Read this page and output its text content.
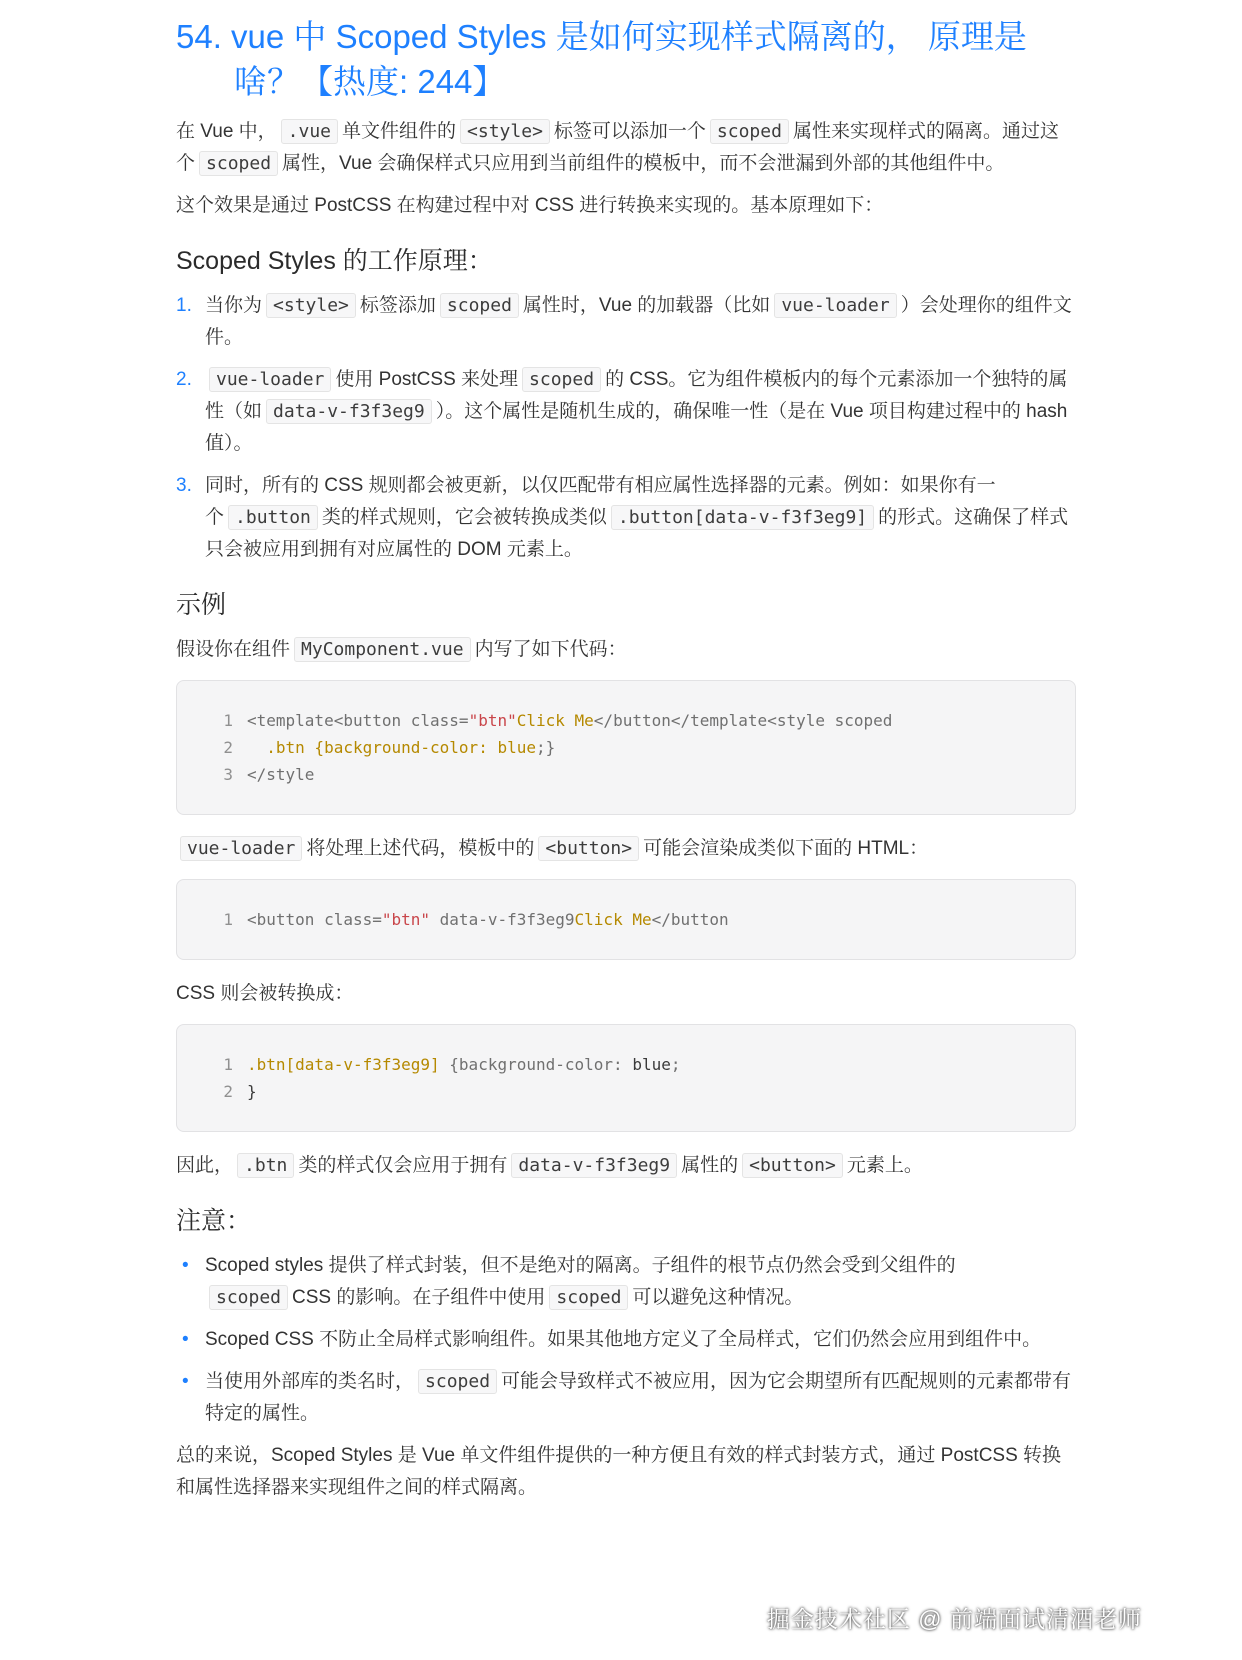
54. vue 中 Scoped Styles 是如何实现样式隔离的， 原理是
啥？【热度: 244】

在 Vue 中， .vue 单文件组件的 <style> 标签可以添加一个 scoped 属性来实现样式的隔离。通过这个 scoped 属性，Vue 会确保样式只应用到当前组件的模板中，而不会泄漏到外部的其他组件中。

这个效果是通过 PostCSS 在构建过程中对 CSS 进行转换来实现的。基本原理如下：

Scoped Styles 的工作原理：
1. 当你为 <style> 标签添加 scoped 属性时，Vue 的加载器（比如 vue-loader ）会处理你的组件文件。
2. vue-loader 使用 PostCSS 来处理 scoped 的 CSS。它为组件模板内的每个元素添加一个独特的属性（如 data-v-f3f3eg9 ）。这个属性是随机生成的，确保唯一性（是在 Vue 项目构建过程中的 hash 值）。
3. 同时，所有的 CSS 规则都会被更新，以仅匹配带有相应属性选择器的元素。例如：如果你有一个 .button 类的样式规则，它会被转换成类似 .button[data-v-f3f3eg9] 的形式。这确保了样式只会被应用到拥有对应属性的 DOM 元素上。
示例

假设你在组件 MyComponent.vue 内写了如下代码：

1 <template<button class="btn"Click Me</button</template<style scoped
2  .btn {background-color: blue;}
3 </style

vue-loader 将处理上述代码，模板中的 <button> 可能会渲染成类似下面的 HTML：

1 <button class="btn" data-v-f3f3eg9Click Me</button

CSS 则会被转换成：

1 .btn[data-v-f3f3eg9] {background-color: blue;
2 }

因此， .btn 类的样式仅会应用于拥有 data-v-f3f3eg9 属性的 <button> 元素上。

注意：
• Scoped styles 提供了样式封装，但不是绝对的隔离。子组件的根节点仍然会受到父组件的scoped CSS 的影响。在子组件中使用 scoped 可以避免这种情况。
• Scoped CSS 不防止全局样式影响组件。如果其他地方定义了全局样式，它们仍然会应用到组件中。
• 当使用外部库的类名时， scoped 可能会导致样式不被应用，因为它会期望所有匹配规则的元素都带有特定的属性。

总的来说，Scoped Styles 是 Vue 单文件组件提供的一种方便且有效的样式封装方式，通过 PostCSS 转换和属性选择器来实现组件之间的样式隔离。

掘金技术社区 @ 前端面试清酒老师
